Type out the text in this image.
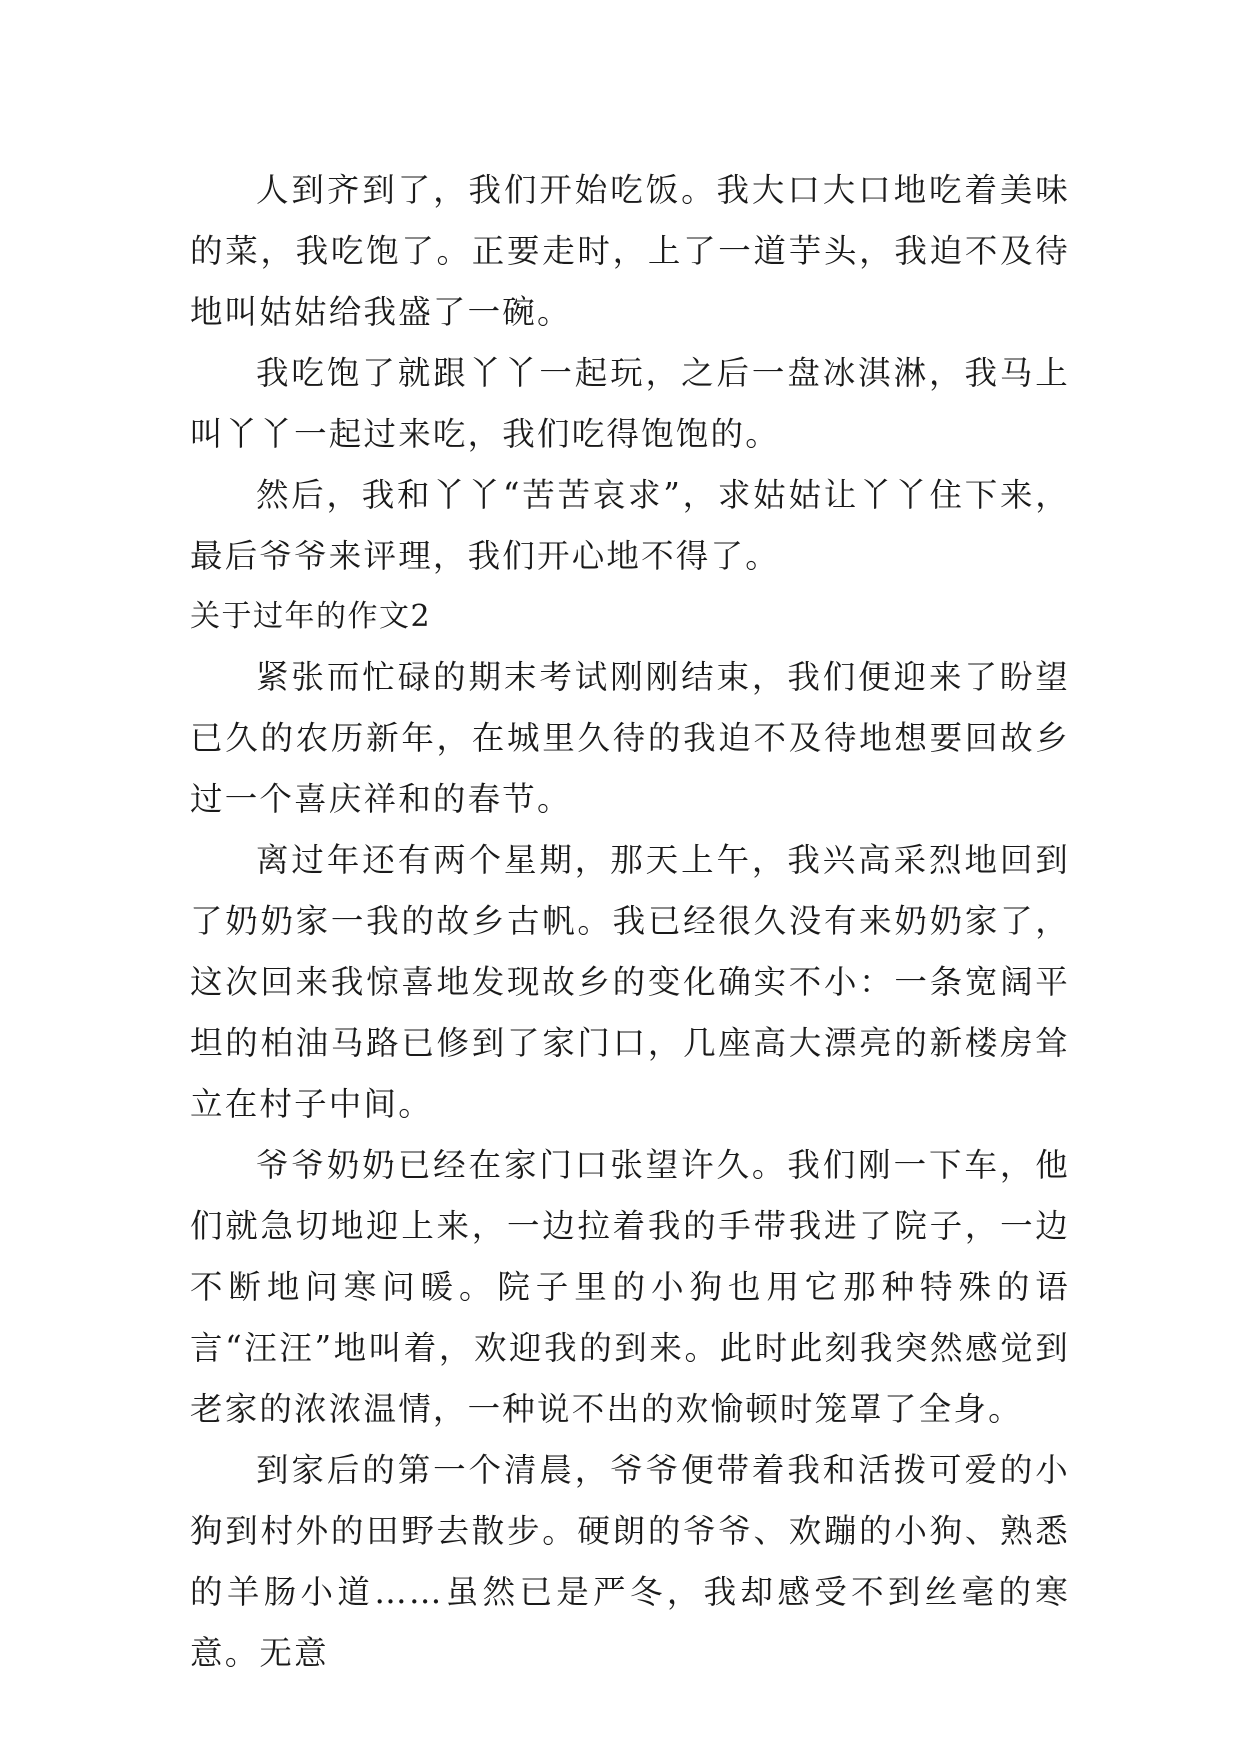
人到齐到了，我们开始吃饭。我大口大口地吃着美味的菜，我吃饱了。正要走时，上了一道芋头，我迫不及待地叫姑姑给我盛了一碗。

我吃饱了就跟丫丫一起玩，之后一盘冰淇淋，我马上叫丫丫一起过来吃，我们吃得饱饱的。

然后，我和丫丫“苦苦哀求”，求姑姑让丫丫住下来，最后爷爷来评理，我们开心地不得了。

关于过年的作文2

紧张而忙碌的期末考试刚刚结束，我们便迎来了盼望已久的农历新年，在城里久待的我迫不及待地想要回故乡过一个喜庆祥和的春节。

离过年还有两个星期，那天上午，我兴高采烈地回到了奶奶家一我的故乡古帆。我已经很久没有来奶奶家了，这次回来我惊喜地发现故乡的变化确实不小：一条宽阔平坦的柏油马路已修到了家门口，几座高大漂亮的新楼房耸立在村子中间。

爷爷奶奶已经在家门口张望许久。我们刚一下车，他们就急切地迎上来，一边拉着我的手带我进了院子，一边不断地问寒问暖。院子里的小狗也用它那种特殊的语言“汪汪”地叫着，欢迎我的到来。此时此刻我突然感觉到老家的浓浓温情，一种说不出的欢愉顿时笼罩了全身。

到家后的第一个清晨，爷爷便带着我和活拨可爱的小狗到村外的田野去散步。硬朗的爷爷、欢蹦的小狗、熟悉的羊肠小道……虽然已是严冬，我却感受不到丝毫的寒意。无意
